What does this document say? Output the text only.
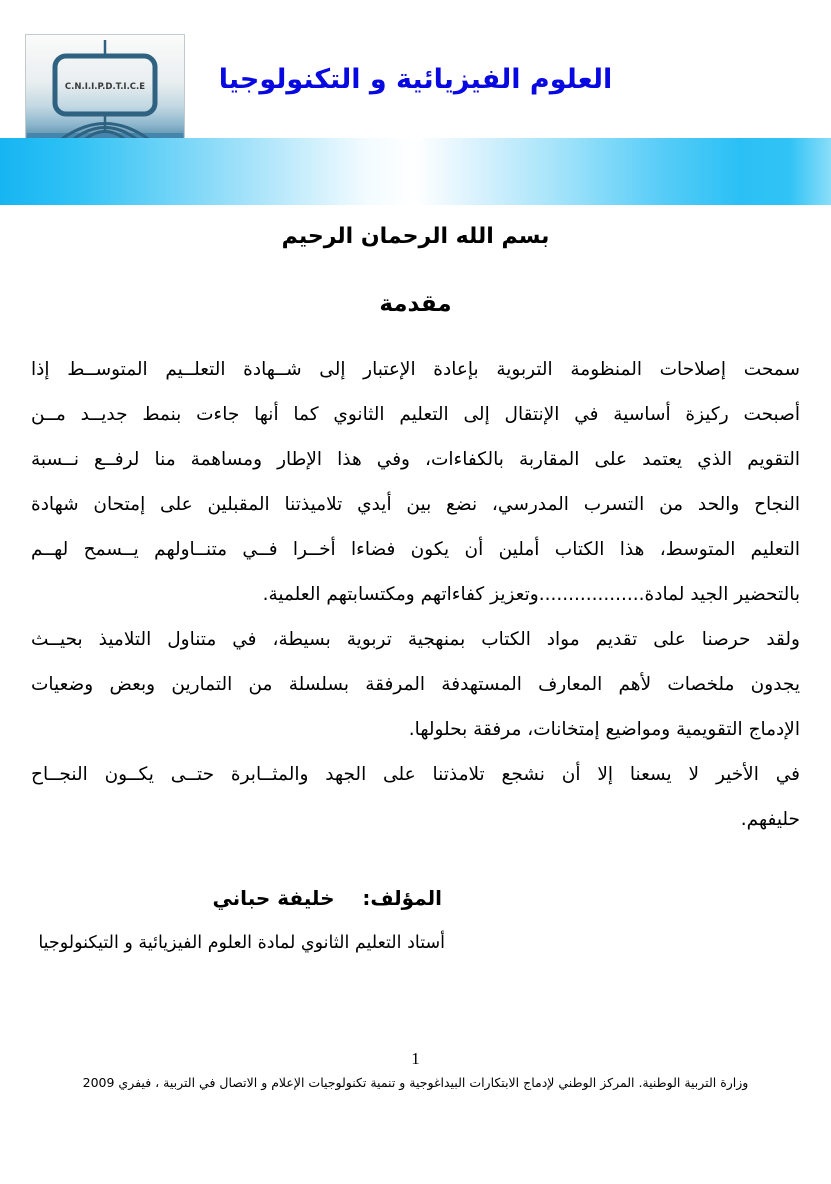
C.N.I.I.P.D.T.I.C.E	العلوم الفيزيائية و التكنولوجيا
بسم الله الرحمان الرحيم
مقدمة
سمحت إصلاحات المنظومة التربوية بإعادة الإعتبار إلى شــهادة التعلــيم المتوســط إذا
أصبحت ركيزة أساسية في الإنتقال إلى التعليم الثانوي كما أنها جاءت بنمط جديــد مــن
التقويم الذي يعتمد على المقاربة بالكفاءات، وفي هذا الإطار ومساهمة منا لرفــع نــسبة
النجاح والحد من التسرب المدرسي، نضع بين أيدي تلاميذتنا المقبلين على إمتحان شهادة
التعليم المتوسط، هذا الكتاب أملين أن يكون فضاءا أخــرا فــي متنــاولهم يــسمح لهــم
بالتحضير الجيد لمادة..................وتعزيز كفاءاتهم ومكتسابتهم العلمية.
ولقد حرصنا على تقديم مواد الكتاب بمنهجية تربوية بسيطة، في متناول التلاميذ بحيــث
يجدون ملخصات لأهم المعارف المستهدفة المرفقة بسلسلة من التمارين وبعض وضعيات
الإدماج التقويمية ومواضيع إمتخانات، مرفقة بحلولها.
في الأخير لا يسعنا إلا أن نشجع تلامذتنا على الجهد والمثــابرة حتــى يكــون النجــاح
حليفهم.
المؤلف:    خليفة حباني
أستاد التعليم الثانوي لمادة العلوم الفيزيائية و التيكنولوجيا
1
وزارة التربية الوطنية. المركز الوطني لإدماج الابتكارات البيداغوجية و تنمية تكنولوجيات الإعلام و الاتصال في التربية ، فيفري 2009
